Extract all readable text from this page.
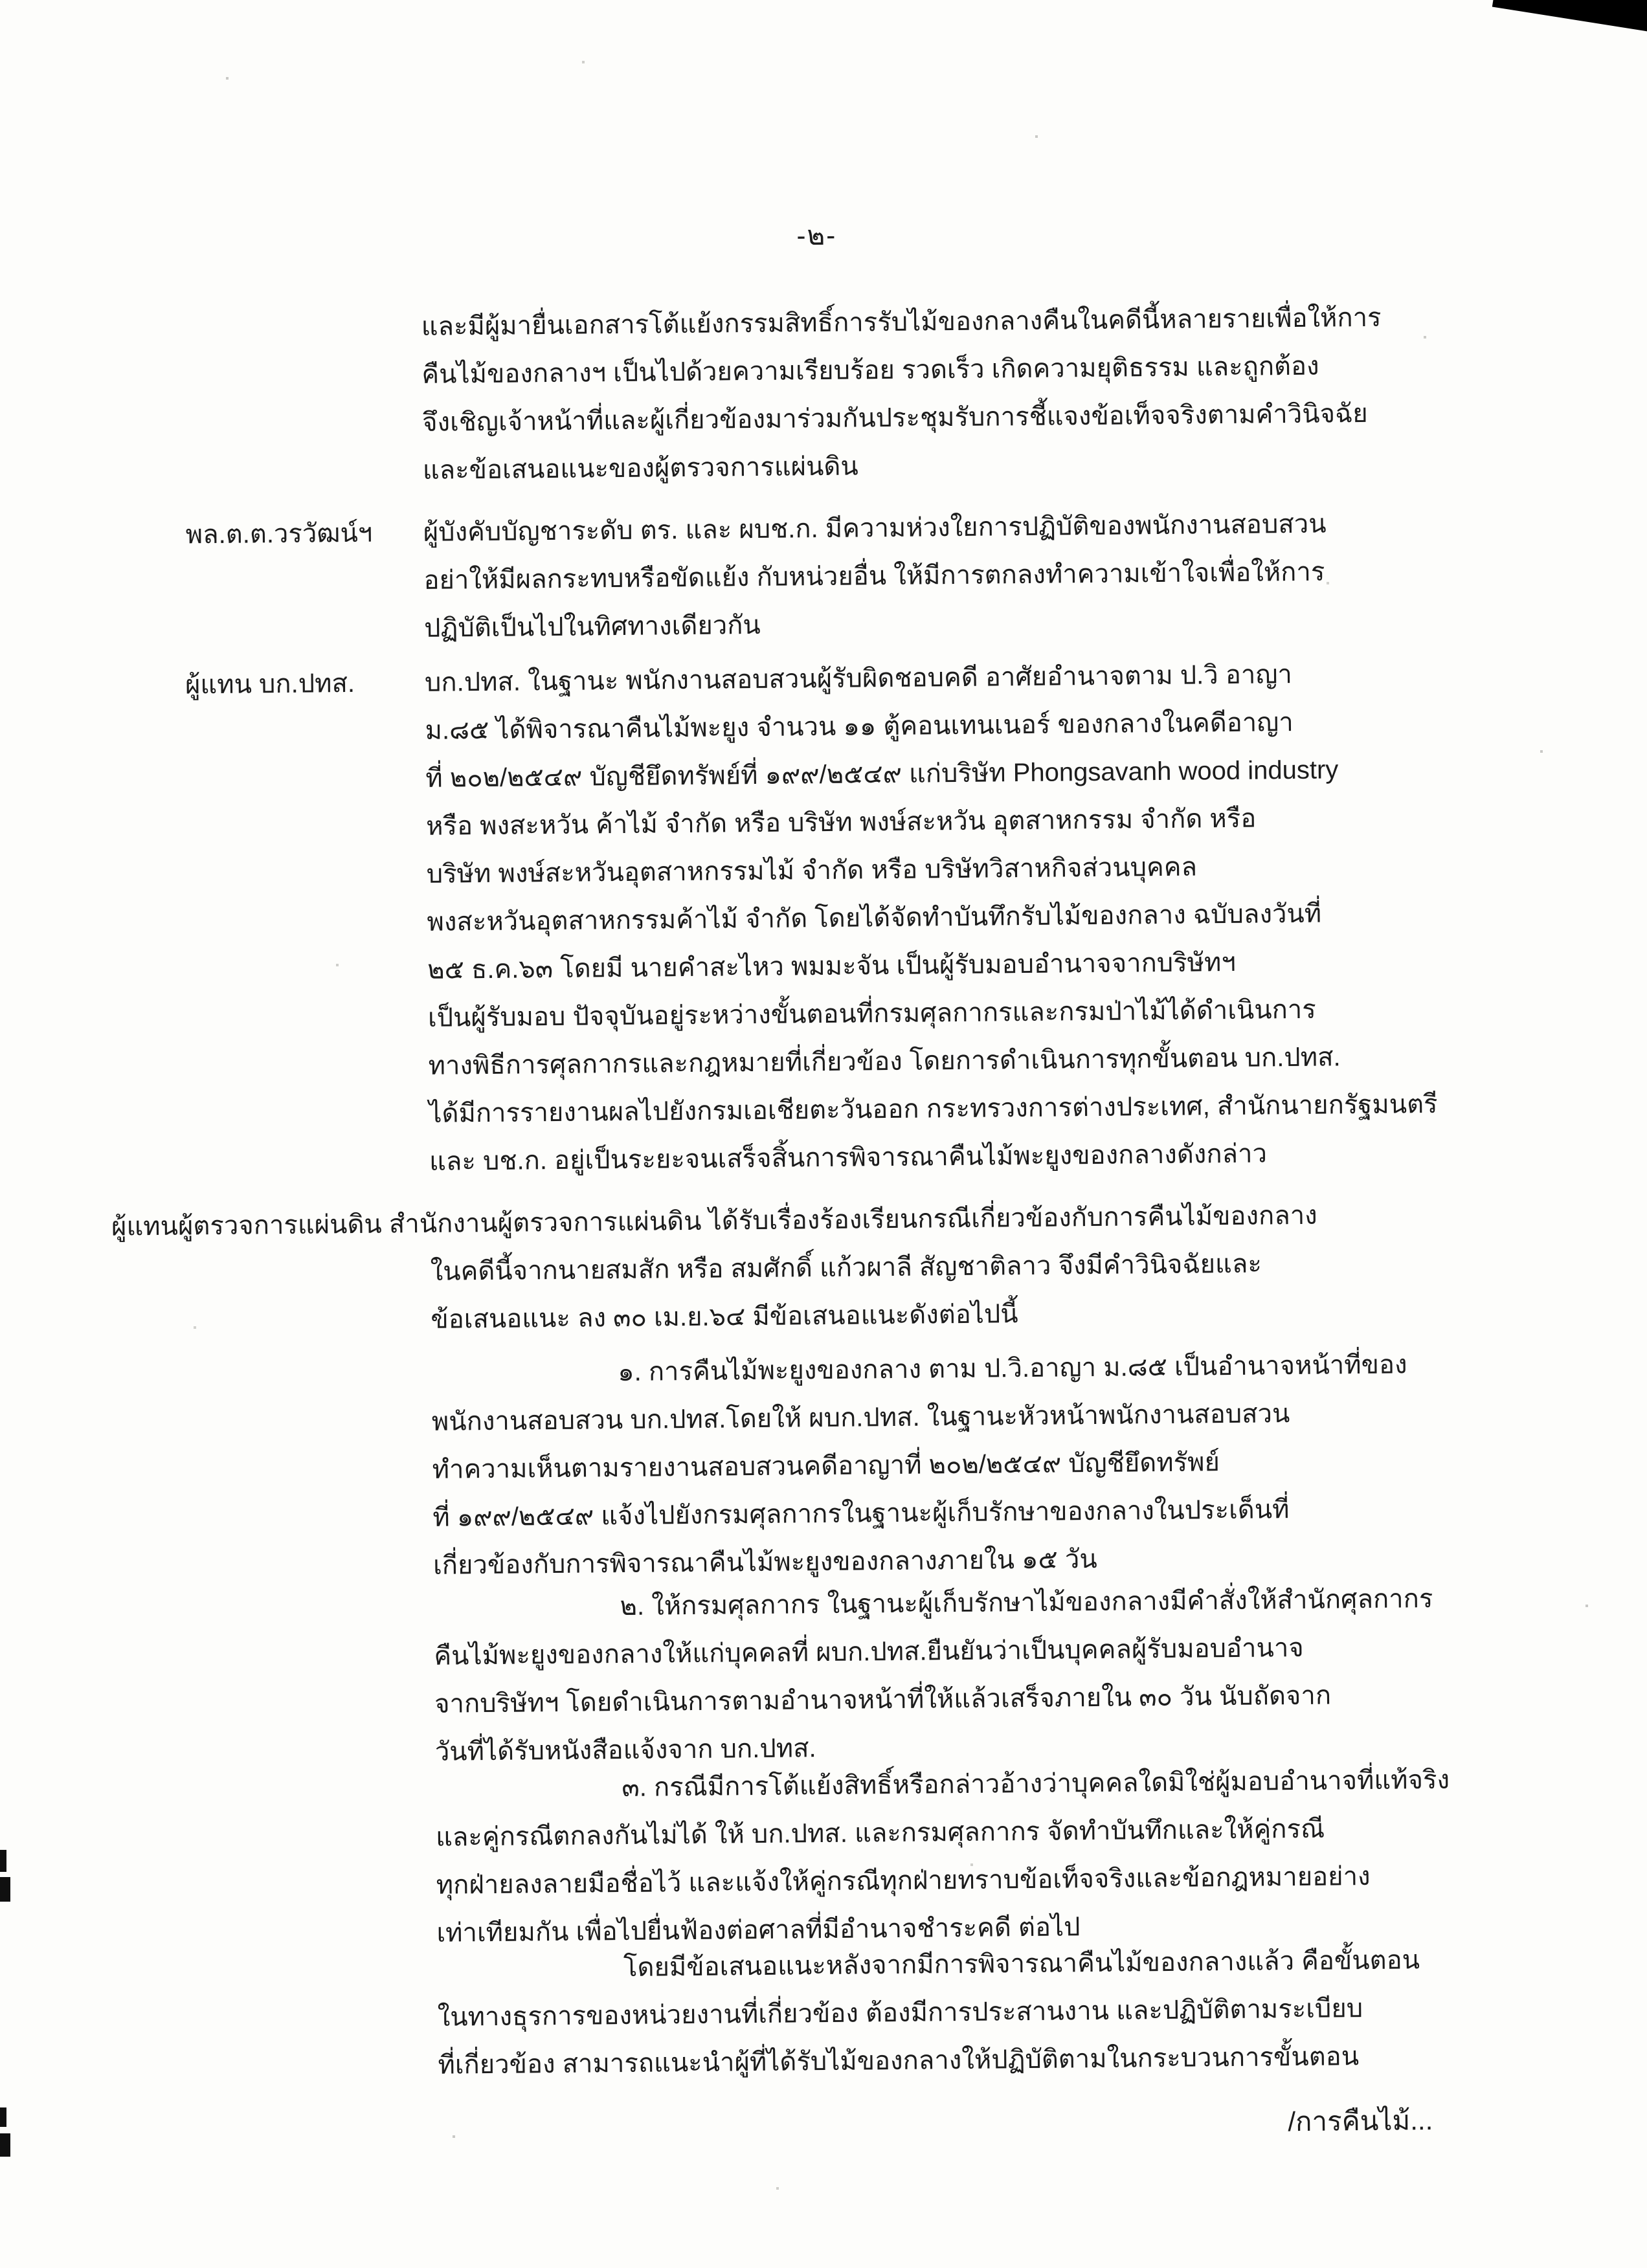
-๒-
และมีผู้มายื่นเอกสารโต้แย้งกรรมสิทธิ์การรับไม้ของกลางคืนในคดีนี้หลายรายเพื่อให้การ
คืนไม้ของกลางฯ เป็นไปด้วยความเรียบร้อย รวดเร็ว เกิดความยุติธรรม และถูกต้อง
จึงเชิญเจ้าหน้าที่และผู้เกี่ยวข้องมาร่วมกันประชุมรับการชี้แจงข้อเท็จจริงตามคำวินิจฉัย
และข้อเสนอแนะของผู้ตรวจการแผ่นดิน
พล.ต.ต.วรวัฒน์ฯ ผู้บังคับบัญชาระดับ ตร. และ ผบช.ก. มีความห่วงใยการปฏิบัติของพนักงานสอบสวน
อย่าให้มีผลกระทบหรือขัดแย้ง กับหน่วยอื่น ให้มีการตกลงทำความเข้าใจเพื่อให้การ
ปฏิบัติเป็นไปในทิศทางเดียวกัน
ผู้แทน บก.ปทส.	บก.ปทส. ในฐานะ พนักงานสอบสวนผู้รับผิดชอบคดี อาศัยอำนาจตาม ป.วิ อาญา
ม.๘๕ ได้พิจารณาคืนไม้พะยูง จำนวน ๑๑ ตู้คอนเทนเนอร์ ของกลางในคดีอาญา
ที่ ๒๐๒/๒๕๔๙ บัญชียึดทรัพย์ที่ ๑๙๙/๒๕๔๙ แก่บริษัท Phongsavanh wood industry
หรือ พงสะหวัน ค้าไม้ จำกัด หรือ บริษัท พงษ์สะหวัน อุตสาหกรรม จำกัด หรือ
บริษัท พงษ์สะหวันอุตสาหกรรมไม้ จำกัด หรือ บริษัทวิสาหกิจส่วนบุคคล
พงสะหวันอุตสาหกรรมค้าไม้ จำกัด โดยได้จัดทำบันทึกรับไม้ของกลาง ฉบับลงวันที่
๒๕ ธ.ค.๖๓ โดยมี นายคำสะไหว พมมะจัน เป็นผู้รับมอบอำนาจจากบริษัทฯ
เป็นผู้รับมอบ ปัจจุบันอยู่ระหว่างขั้นตอนที่กรมศุลกากรและกรมป่าไม้ได้ดำเนินการ
ทางพิธีการศุลกากรและกฎหมายที่เกี่ยวข้อง โดยการดำเนินการทุกขั้นตอน บก.ปทส.
ได้มีการรายงานผลไปยังกรมเอเชียตะวันออก กระทรวงการต่างประเทศ, สำนักนายกรัฐมนตรี
และ บช.ก. อยู่เป็นระยะจนเสร็จสิ้นการพิจารณาคืนไม้พะยูงของกลางดังกล่าว
ผู้แทนผู้ตรวจการแผ่นดิน สำนักงานผู้ตรวจการแผ่นดิน ได้รับเรื่องร้องเรียนกรณีเกี่ยวข้องกับการคืนไม้ของกลาง
ในคดีนี้จากนายสมสัก หรือ สมศักดิ์ แก้วผาลี สัญชาติลาว จึงมีคำวินิจฉัยและ
ข้อเสนอแนะ ลง ๓๐ เม.ย.๖๔ มีข้อเสนอแนะดังต่อไปนี้
๑. การคืนไม้พะยูงของกลาง ตาม ป.วิ.อาญา ม.๘๕ เป็นอำนาจหน้าที่ของ
พนักงานสอบสวน บก.ปทส.โดยให้ ผบก.ปทส. ในฐานะหัวหน้าพนักงานสอบสวน
ทำความเห็นตามรายงานสอบสวนคดีอาญาที่ ๒๐๒/๒๕๔๙ บัญชียึดทรัพย์
ที่ ๑๙๙/๒๕๔๙ แจ้งไปยังกรมศุลกากรในฐานะผู้เก็บรักษาของกลางในประเด็นที่
เกี่ยวข้องกับการพิจารณาคืนไม้พะยูงของกลางภายใน ๑๕ วัน
๒. ให้กรมศุลกากร ในฐานะผู้เก็บรักษาไม้ของกลางมีคำสั่งให้สำนักศุลกากร
คืนไม้พะยูงของกลางให้แก่บุคคลที่ ผบก.ปทส.ยืนยันว่าเป็นบุคคลผู้รับมอบอำนาจ
จากบริษัทฯ โดยดำเนินการตามอำนาจหน้าที่ให้แล้วเสร็จภายใน ๓๐ วัน นับถัดจาก
วันที่ได้รับหนังสือแจ้งจาก บก.ปทส.
๓. กรณีมีการโต้แย้งสิทธิ์หรือกล่าวอ้างว่าบุคคลใดมิใช่ผู้มอบอำนาจที่แท้จริง
และคู่กรณีตกลงกันไม่ได้ ให้ บก.ปทส. และกรมศุลกากร จัดทำบันทึกและให้คู่กรณี
ทุกฝ่ายลงลายมือชื่อไว้ และแจ้งให้คู่กรณีทุกฝ่ายทราบข้อเท็จจริงและข้อกฎหมายอย่าง
เท่าเทียมกัน เพื่อไปยื่นฟ้องต่อศาลที่มีอำนาจชำระคดี ต่อไป
โดยมีข้อเสนอแนะหลังจากมีการพิจารณาคืนไม้ของกลางแล้ว คือขั้นตอน
ในทางธุรการของหน่วยงานที่เกี่ยวข้อง ต้องมีการประสานงาน และปฏิบัติตามระเบียบ
ที่เกี่ยวข้อง สามารถแนะนำผู้ที่ได้รับไม้ของกลางให้ปฏิบัติตามในกระบวนการขั้นตอน
/การคืนไม้...
